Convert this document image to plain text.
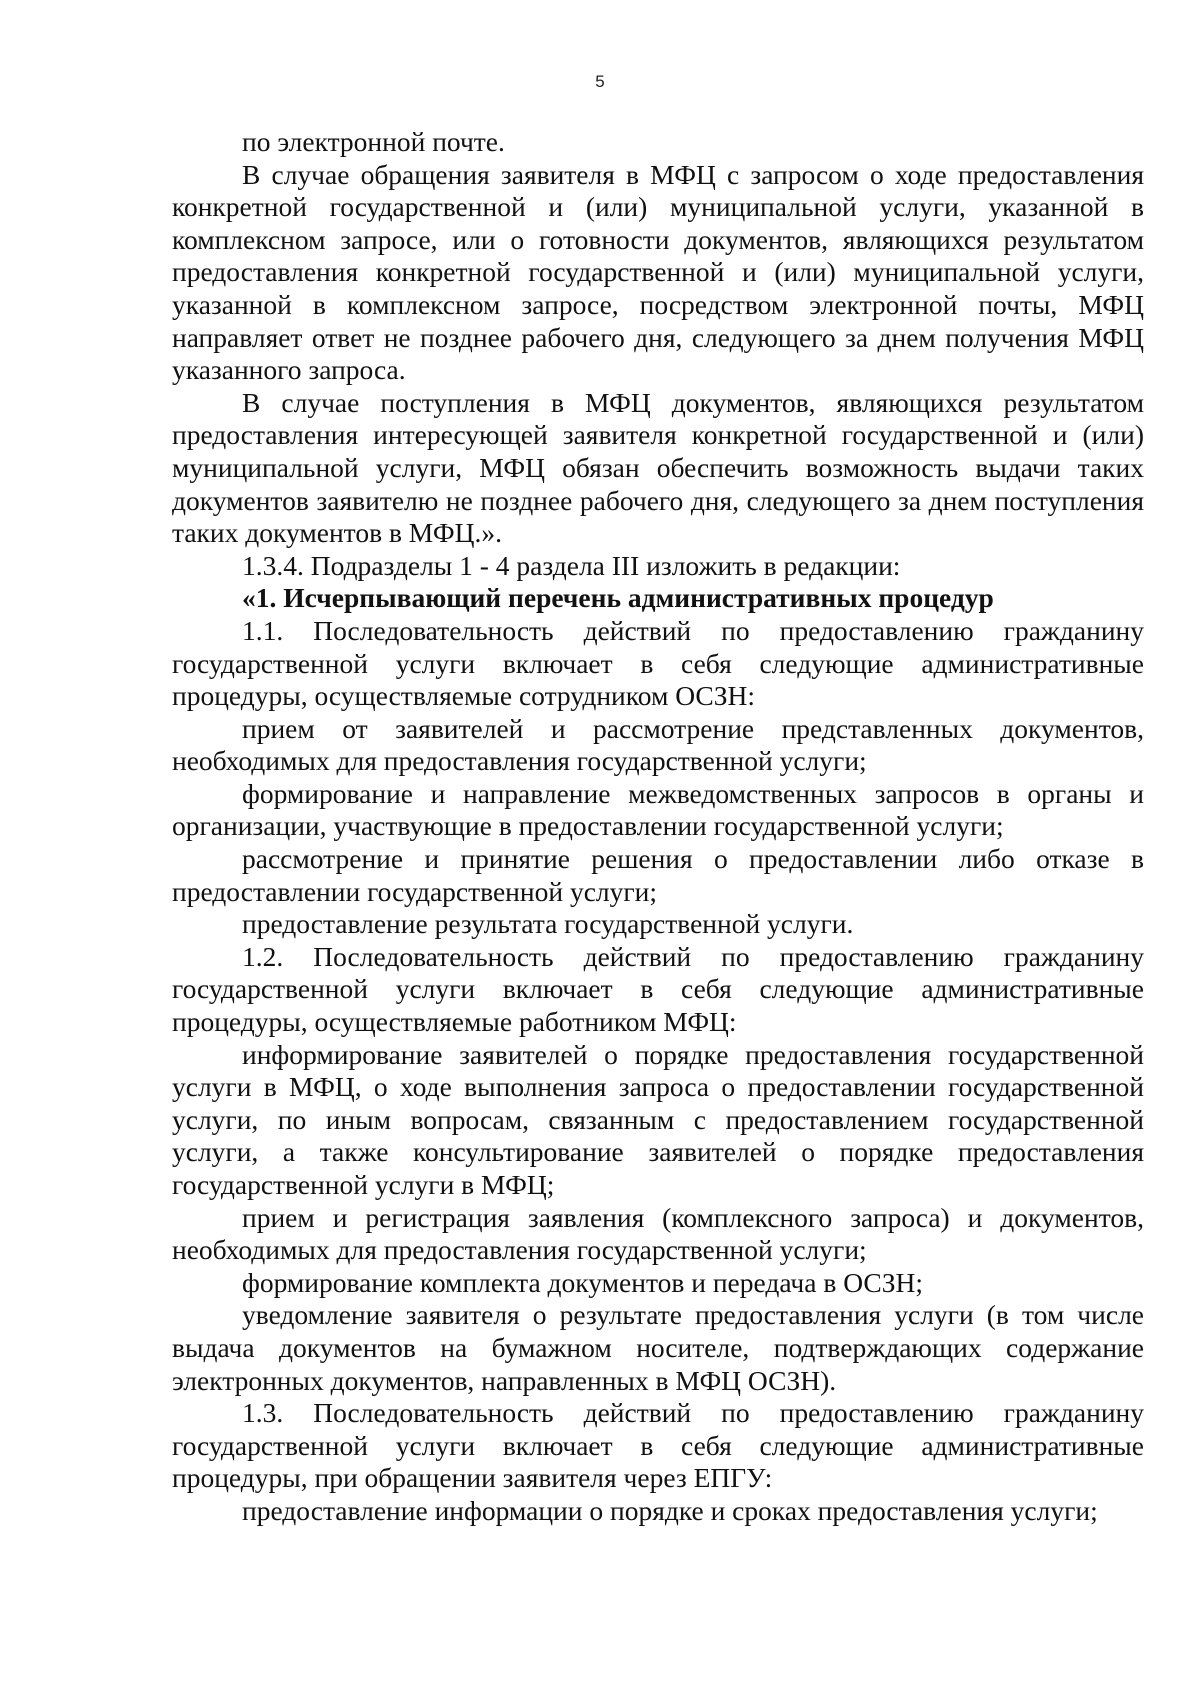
5

по электронной почте.

В случае обращения заявителя в МФЦ с запросом о ходе предоставления конкретной государственной и (или) муниципальной услуги, указанной в комплексном запросе, или о готовности документов, являющихся результатом предоставления конкретной государственной и (или) муниципальной услуги, указанной в комплексном запросе, посредством электронной почты, МФЦ направляет ответ не позднее рабочего дня, следующего за днем получения МФЦ указанного запроса.

В случае поступления в МФЦ документов, являющихся результатом предоставления интересующей заявителя конкретной государственной и (или) муниципальной услуги, МФЦ обязан обеспечить возможность выдачи таких документов заявителю не позднее рабочего дня, следующего за днем поступления таких документов в МФЦ.».

1.3.4. Подразделы 1 - 4 раздела III изложить в редакции:

«1. Исчерпывающий перечень административных процедур

1.1. Последовательность действий по предоставлению гражданину государственной услуги включает в себя следующие административные процедуры, осуществляемые сотрудником ОСЗН:

прием от заявителей и рассмотрение представленных документов, необходимых для предоставления государственной услуги;

формирование и направление межведомственных запросов в органы и организации, участвующие в предоставлении государственной услуги;

рассмотрение и принятие решения о предоставлении либо отказе в предоставлении государственной услуги;

предоставление результата государственной услуги.

1.2. Последовательность действий по предоставлению гражданину государственной услуги включает в себя следующие административные процедуры, осуществляемые работником МФЦ:

информирование заявителей о порядке предоставления государственной услуги в МФЦ, о ходе выполнения запроса о предоставлении государственной услуги, по иным вопросам, связанным с предоставлением государственной услуги, а также консультирование заявителей о порядке предоставления государственной услуги в МФЦ;

прием и регистрация заявления (комплексного запроса) и документов, необходимых для предоставления государственной услуги;

формирование комплекта документов и передача в ОСЗН;

уведомление заявителя о результате предоставления услуги (в том числе выдача документов на бумажном носителе, подтверждающих содержание электронных документов, направленных в МФЦ ОСЗН).

1.3. Последовательность действий по предоставлению гражданину государственной услуги включает в себя следующие административные процедуры, при обращении заявителя через ЕПГУ:

предоставление информации о порядке и сроках предоставления услуги;
